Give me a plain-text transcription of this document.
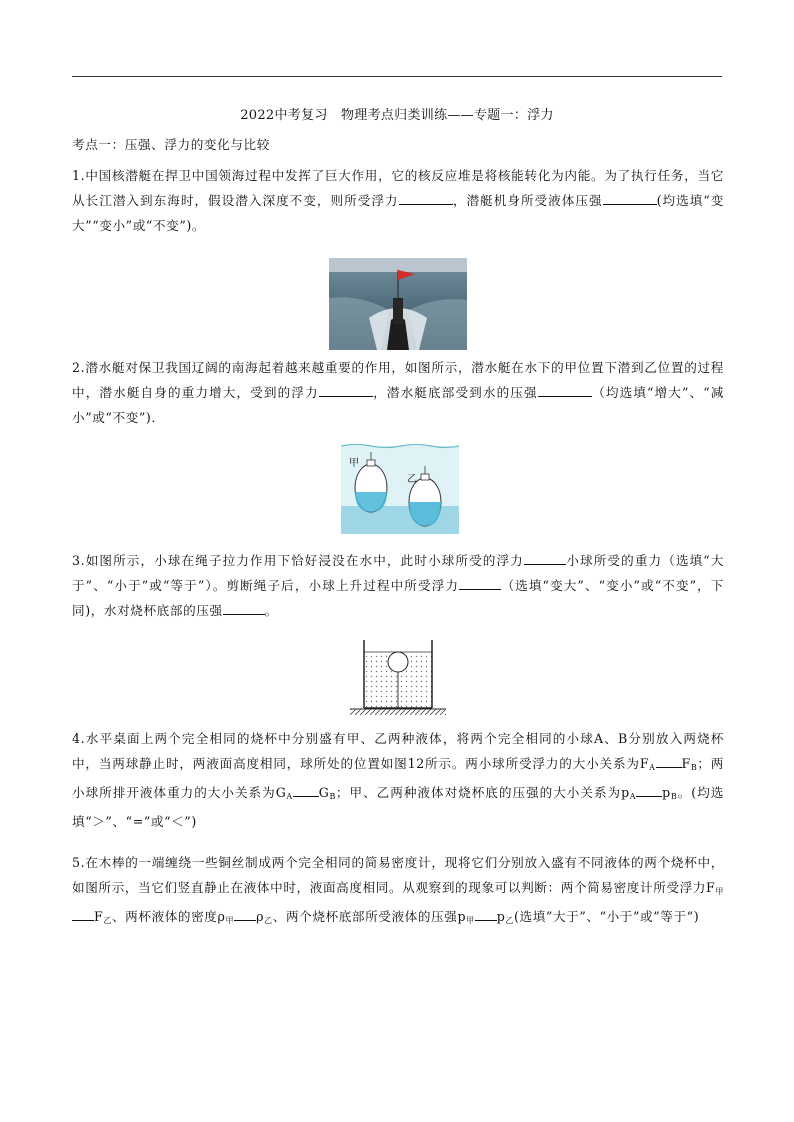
2022中考复习　物理考点归类训练——专题一：浮力

考点一：压强、浮力的变化与比较

1.中国核潜艇在捍卫中国领海过程中发挥了巨大作用，它的核反应堆是将核能转化为内能。为了执行任务，当它从长江潜入到东海时，假设潜入深度不变，则所受浮力	，潜艇机身所受液体压强	(均选填“变大”“变小”或“不变”)。

2.潜水艇对保卫我国辽阔的南海起着越来越重要的作用，如图所示，潜水艇在水下的甲位置下潜到乙位置的过程中，潜水艇自身的重力增大，受到的浮力	，潜水艇底部受到水的压强	（均选填“增大”、“减小”或“不变”)．

甲
乙

3.如图所示，小球在绳子拉力作用下恰好浸没在水中，此时小球所受的浮力	小球所受的重力（选填“大于”、“小于”或“等于”）。剪断绳子后，小球上升过程中所受浮力	（选填“变大”、“变小”或“不变”，下同)，水对烧杯底部的压强	。

4.水平桌面上两个完全相同的烧杯中分别盛有甲、乙两种液体，将两个完全相同的小球A、B分别放入两烧杯中，当两球静止时，两液面高度相同，球所处的位置如图12所示。两小球所受浮力的大小关系为$F_A$ $F_B$；两小球所排开液体重力的大小关系为$G_A$ $G_B$；甲、乙两种液体对烧杯底的压强的大小关系为$p_A$ $p_B$。(均选填“＞”、“=”或“＜”)

5.在木棒的一端缠绕一些铜丝制成两个完全相同的简易密度计，现将它们分别放入盛有不同液体的两个烧杯中，如图所示，当它们竖直静止在液体中时，液面高度相同。从观察到的现象可以判断：两个简易密度计所受浮力$F_甲F_乙$、两杯液体的密度$\rho_甲$ $\rho_乙$、两个烧杯底部所受液体的压强$p_甲$ $p_乙$(选填”大于”、“小于”或”等于“)
